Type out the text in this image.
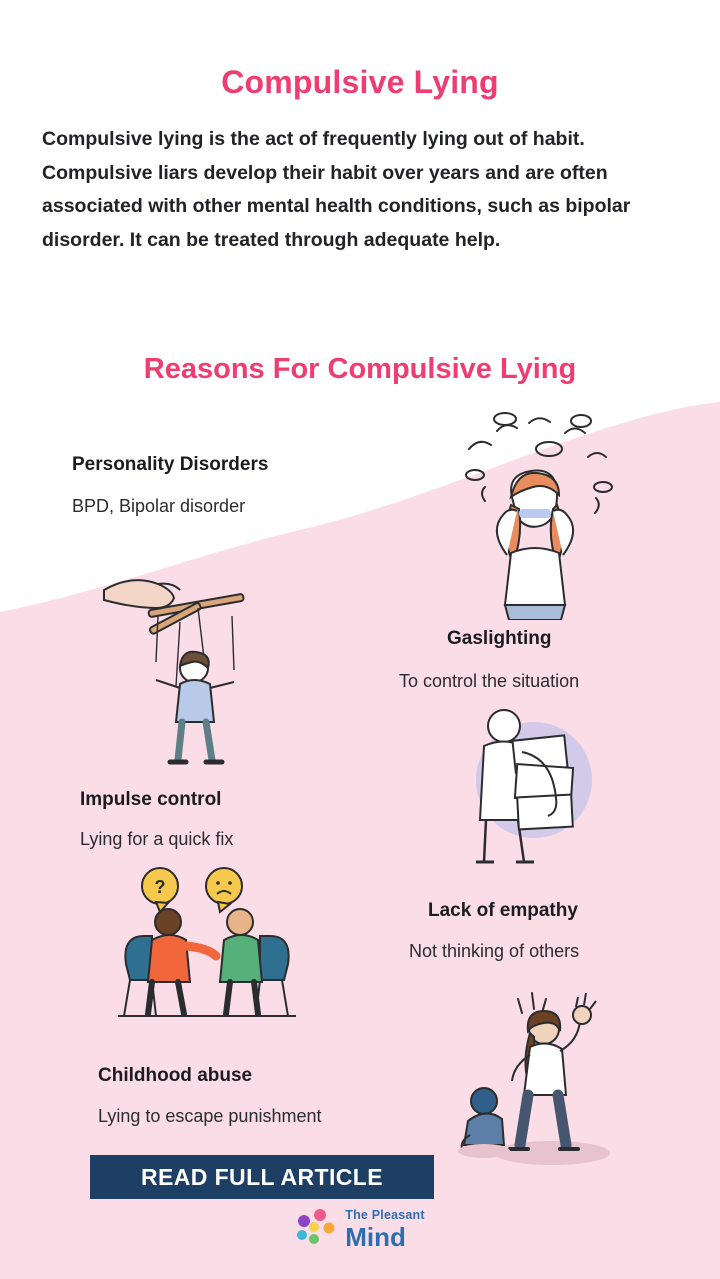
Compulsive Lying
Compulsive lying is the act of frequently lying out of habit. Compulsive liars develop their habit over years and are often associated with other mental health conditions, such as bipolar disorder. It can be treated through adequate help.
Reasons For Compulsive Lying
Personality Disorders
BPD, Bipolar disorder
Gaslighting
To control the situation
Impulse control
Lying for a quick fix
?
Lack of empathy
Not thinking of others
Childhood abuse
Lying to escape punishment
READ FULL ARTICLE
The Pleasant
Mind
